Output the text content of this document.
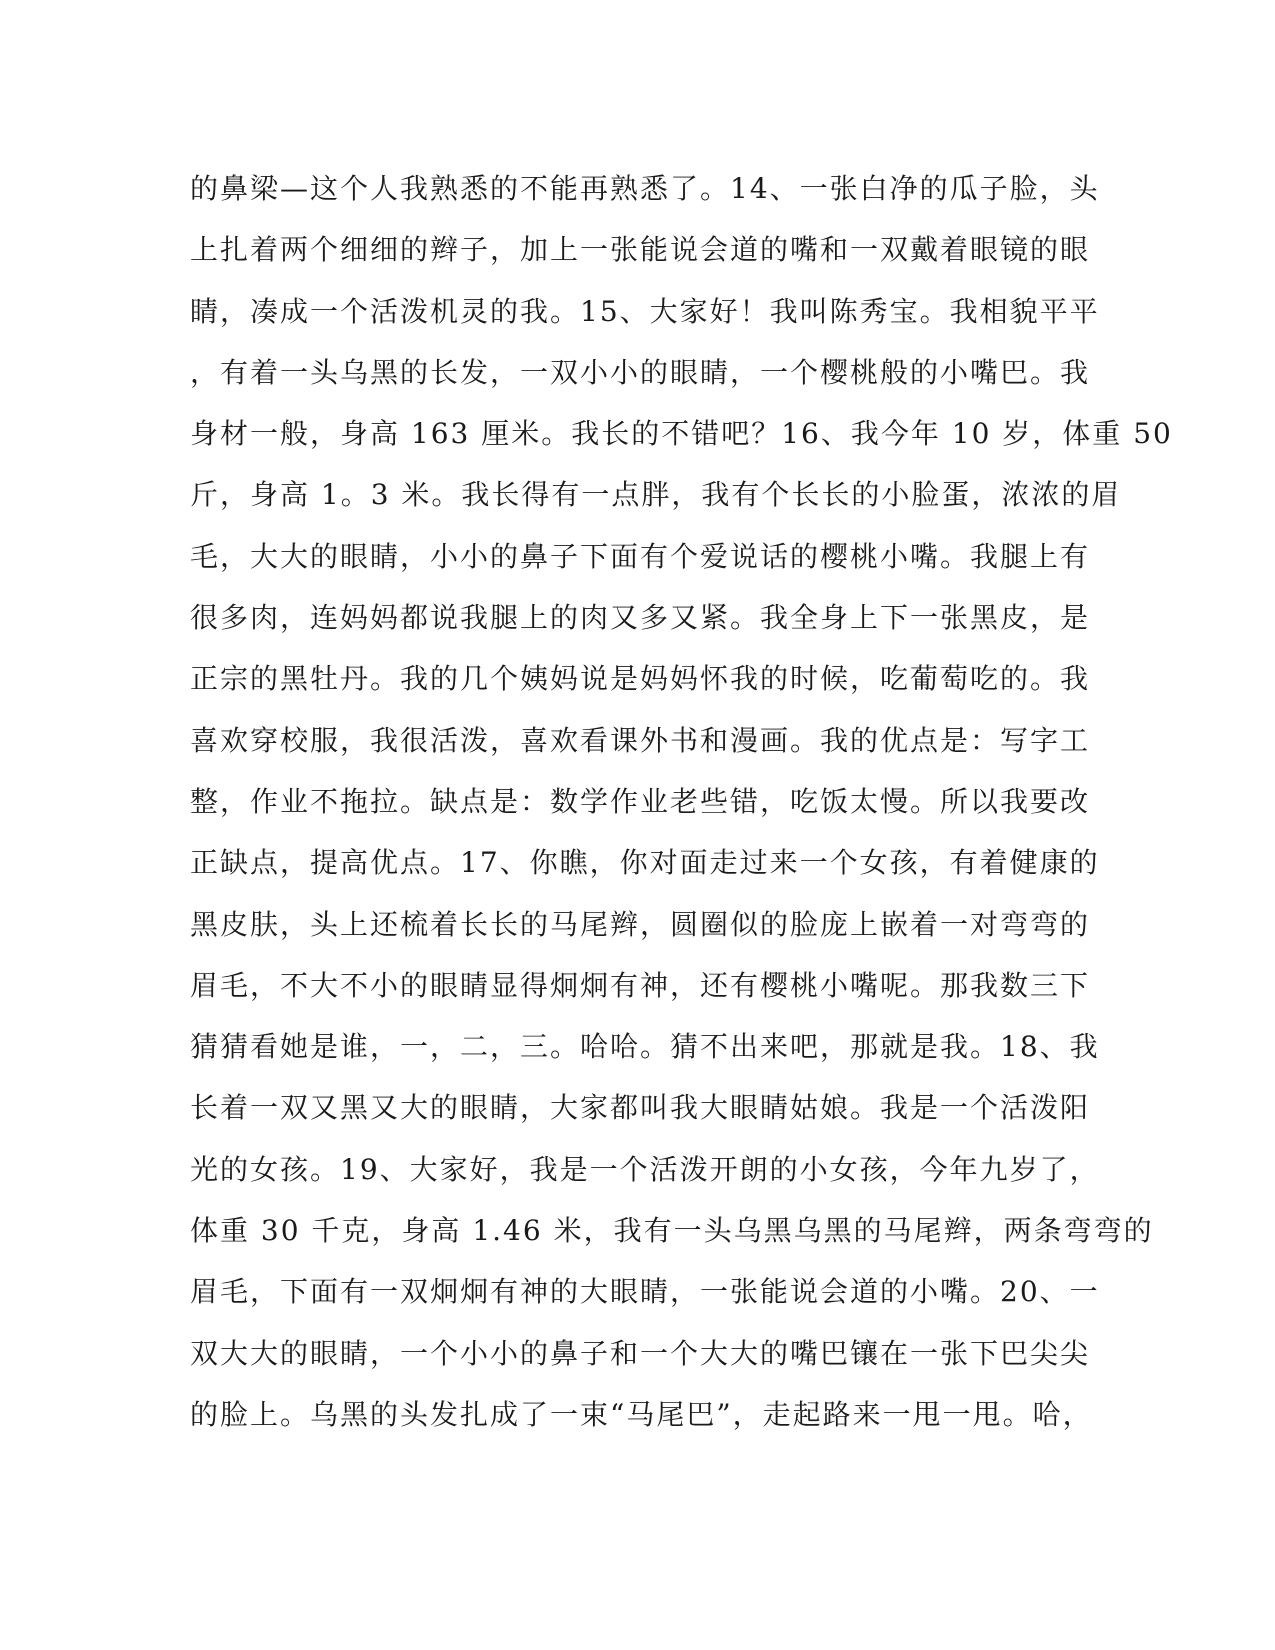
的鼻梁—这个人我熟悉的不能再熟悉了。14、一张白净的瓜子脸，头
上扎着两个细细的辫子，加上一张能说会道的嘴和一双戴着眼镜的眼
睛，凑成一个活泼机灵的我。15、大家好！我叫陈秀宝。我相貌平平
，有着一头乌黑的长发，一双小小的眼睛，一个樱桃般的小嘴巴。我
身材一般，身高 163 厘米。我长的不错吧？16、我今年 10 岁，体重 50
斤，身高 1。3 米。我长得有一点胖，我有个长长的小脸蛋，浓浓的眉
毛，大大的眼睛，小小的鼻子下面有个爱说话的樱桃小嘴。我腿上有
很多肉，连妈妈都说我腿上的肉又多又紧。我全身上下一张黑皮，是
正宗的黑牡丹。我的几个姨妈说是妈妈怀我的时候，吃葡萄吃的。我
喜欢穿校服，我很活泼，喜欢看课外书和漫画。我的优点是：写字工
整，作业不拖拉。缺点是：数学作业老些错，吃饭太慢。所以我要改
正缺点，提高优点。17、你瞧，你对面走过来一个女孩，有着健康的
黑皮肤，头上还梳着长长的马尾辫，圆圈似的脸庞上嵌着一对弯弯的
眉毛，不大不小的眼睛显得炯炯有神，还有樱桃小嘴呢。那我数三下
猜猜看她是谁，一，二，三。哈哈。猜不出来吧，那就是我。18、我
长着一双又黑又大的眼睛，大家都叫我大眼睛姑娘。我是一个活泼阳
光的女孩。19、大家好，我是一个活泼开朗的小女孩，今年九岁了，
体重 30 千克，身高 1.46 米，我有一头乌黑乌黑的马尾辫，两条弯弯的
眉毛，下面有一双炯炯有神的大眼睛，一张能说会道的小嘴。20、一
双大大的眼睛，一个小小的鼻子和一个大大的嘴巴镶在一张下巴尖尖
的脸上。乌黑的头发扎成了一束“马尾巴”，走起路来一甩一甩。哈，
